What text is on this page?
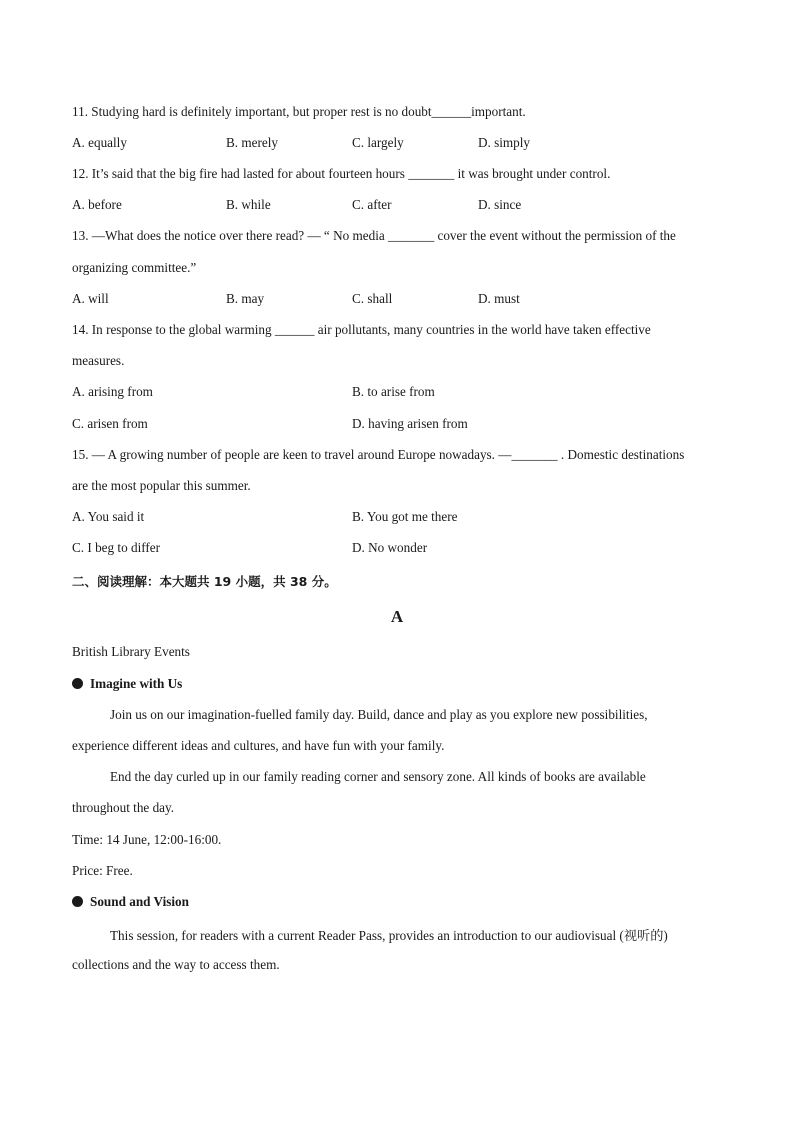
11. Studying hard is definitely important, but proper rest is no doubt______important.
A. equally	B. merely	C. largely	D. simply
12. It’s said that the big fire had lasted for about fourteen hours _______ it was brought under control.
A. before	B. while	C. after	D. since
13. —What does the notice over there read? — “ No media _______ cover the event without the permission of the
organizing committee.”
A. will	B. may	C. shall	D. must
14. In response to the global warming ______ air pollutants, many countries in the world have taken effective
measures.
A. arising from	B. to arise from
C. arisen from	D. having arisen from
15. — A growing number of people are keen to travel around Europe nowadays. —_______ . Domestic destinations
are the most popular this summer.
A. You said it	B. You got me there
C. I beg to differ	D. No wonder
二、阅读理解：本大题共 19 小题，共 38 分。
A
British Library Events
Imagine with Us
Join us on our imagination-fuelled family day. Build, dance and play as you explore new possibilities,
experience different ideas and cultures, and have fun with your family.
End the day curled up in our family reading corner and sensory zone. All kinds of books are available
throughout the day.
Time: 14 June, 12:00-16:00.
Price: Free.
Sound and Vision
This session, for readers with a current Reader Pass, provides an introduction to our audiovisual (视听的)
collections and the way to access them.
